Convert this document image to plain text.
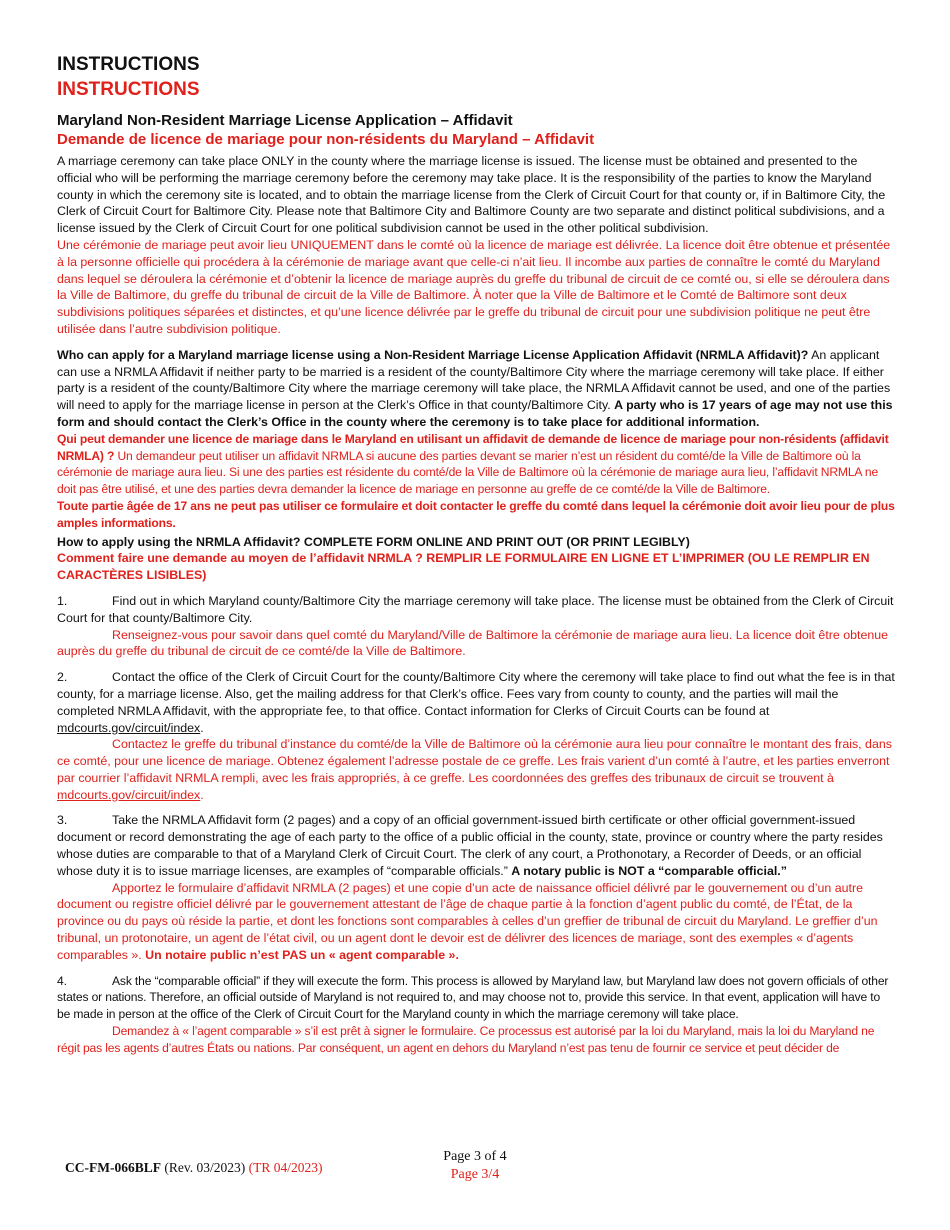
INSTRUCTIONS
INSTRUCTIONS
Maryland Non-Resident Marriage License Application – Affidavit
Demande de licence de mariage pour non-résidents du Maryland – Affidavit

A marriage ceremony can take place ONLY in the county where the marriage license is issued. The license must be obtained and presented to the official who will be performing the marriage ceremony before the ceremony may take place. It is the responsibility of the parties to know the Maryland county in which the ceremony site is located, and to obtain the marriage license from the Clerk of Circuit Court for that county or, if in Baltimore City, the Clerk of Circuit Court for Baltimore City. Please note that Baltimore City and Baltimore County are two separate and distinct political subdivisions, and a license issued by the Clerk of Circuit Court for one political subdivision cannot be used in the other political subdivision.

Une cérémonie de mariage peut avoir lieu UNIQUEMENT dans le comté où la licence de mariage est délivrée. La licence doit être obtenue et présentée à la personne officielle qui procédera à la cérémonie de mariage avant que celle-ci n’ait lieu. Il incombe aux parties de connaître le comté du Maryland dans lequel se déroulera la cérémonie et d’obtenir la licence de mariage auprès du greffe du tribunal de circuit de ce comté ou, si elle se déroulera dans la Ville de Baltimore, du greffe du tribunal de circuit de la Ville de Baltimore. À noter que la Ville de Baltimore et le Comté de Baltimore sont deux subdivisions politiques séparées et distinctes, et qu’une licence délivrée par le greffe du tribunal de circuit pour une subdivision politique ne peut être utilisée dans l’autre subdivision politique.

Who can apply for a Maryland marriage license using a Non-Resident Marriage License Application Affidavit (NRMLA Affidavit)? An applicant can use a NRMLA Affidavit if neither party to be married is a resident of the county/Baltimore City where the marriage ceremony will take place. If either party is a resident of the county/Baltimore City where the marriage ceremony will take place, the NRMLA Affidavit cannot be used, and one of the parties will need to apply for the marriage license in person at the Clerk’s Office in that county/Baltimore City. A party who is 17 years of age may not use this form and should contact the Clerk’s Office in the county where the ceremony is to take place for additional information.

Qui peut demander une licence de mariage dans le Maryland en utilisant un affidavit de demande de licence de mariage pour non-résidents (affidavit NRMLA) ? Un demandeur peut utiliser un affidavit NRMLA si aucune des parties devant se marier n’est un résident du comté/de la Ville de Baltimore où la cérémonie de mariage aura lieu. Si une des parties est résidente du comté/de la Ville de Baltimore où la cérémonie de mariage aura lieu, l’affidavit NRMLA ne doit pas être utilisé, et une des parties devra demander la licence de mariage en personne au greffe de ce comté/de la Ville de Baltimore.
Toute partie âgée de 17 ans ne peut pas utiliser ce formulaire et doit contacter le greffe du comté dans lequel la cérémonie doit avoir lieu pour de plus amples informations.

How to apply using the NRMLA Affidavit? COMPLETE FORM ONLINE AND PRINT OUT (OR PRINT LEGIBLY)

Comment faire une demande au moyen de l’affidavit NRMLA ? REMPLIR LE FORMULAIRE EN LIGNE ET L’IMPRIMER (OU LE REMPLIR EN CARACTÈRES LISIBLES)

1.	Find out in which Maryland county/Baltimore City the marriage ceremony will take place. The license must be obtained from the Clerk of Circuit Court for that county/Baltimore City.

Renseignez-vous pour savoir dans quel comté du Maryland/Ville de Baltimore la cérémonie de mariage aura lieu. La licence doit être obtenue auprès du greffe du tribunal de circuit de ce comté/de la Ville de Baltimore.

2.	Contact the office of the Clerk of Circuit Court for the county/Baltimore City where the ceremony will take place to find out what the fee is in that county, for a marriage license. Also, get the mailing address for that Clerk’s office. Fees vary from county to county, and the parties will mail the completed NRMLA Affidavit, with the appropriate fee, to that office. Contact information for Clerks of Circuit Courts can be found at mdcourts.gov/circuit/index.

Contactez le greffe du tribunal d’instance du comté/de la Ville de Baltimore où la cérémonie aura lieu pour connaître le montant des frais, dans ce comté, pour une licence de mariage. Obtenez également l’adresse postale de ce greffe. Les frais varient d’un comté à l’autre, et les parties enverront par courrier l’affidavit NRMLA rempli, avec les frais appropriés, à ce greffe. Les coordonnées des greffes des tribunaux de circuit se trouvent à mdcourts.gov/circuit/index.

3.	Take the NRMLA Affidavit form (2 pages) and a copy of an official government-issued birth certificate or other official government-issued document or record demonstrating the age of each party to the office of a public official in the county, state, province or country where the party resides whose duties are comparable to that of a Maryland Clerk of Circuit Court. The clerk of any court, a Prothonotary, a Recorder of Deeds, or an official whose duty it is to issue marriage licenses, are examples of “comparable officials.” A notary public is NOT a “comparable official.”

Apportez le formulaire d’affidavit NRMLA (2 pages) et une copie d’un acte de naissance officiel délivré par le gouvernement ou d’un autre document ou registre officiel délivré par le gouvernement attestant de l’âge de chaque partie à la fonction d’agent public du comté, de l’État, de la province ou du pays où réside la partie, et dont les fonctions sont comparables à celles d’un greffier de tribunal de circuit du Maryland. Le greffier d’un tribunal, un protonotaire, un agent de l’état civil, ou un agent dont le devoir est de délivrer des licences de mariage, sont des exemples « d’agents comparables ». Un notaire public n’est PAS un « agent comparable ».

4.	Ask the “comparable official” if they will execute the form. This process is allowed by Maryland law, but Maryland law does not govern officials of other states or nations. Therefore, an official outside of Maryland is not required to, and may choose not to, provide this service. In that event, application will have to be made in person at the office of the Clerk of Circuit Court for the Maryland county in which the marriage ceremony will take place.

Demandez à « l’agent comparable » s’il est prêt à signer le formulaire. Ce processus est autorisé par la loi du Maryland, mais la loi du Maryland ne régit pas les agents d’autres États ou nations. Par conséquent, un agent en dehors du Maryland n’est pas tenu de fournir ce service et peut décider de

CC-FM-066BLF (Rev. 03/2023) (TR 04/2023)
Page 3 of 4
Page 3/4
